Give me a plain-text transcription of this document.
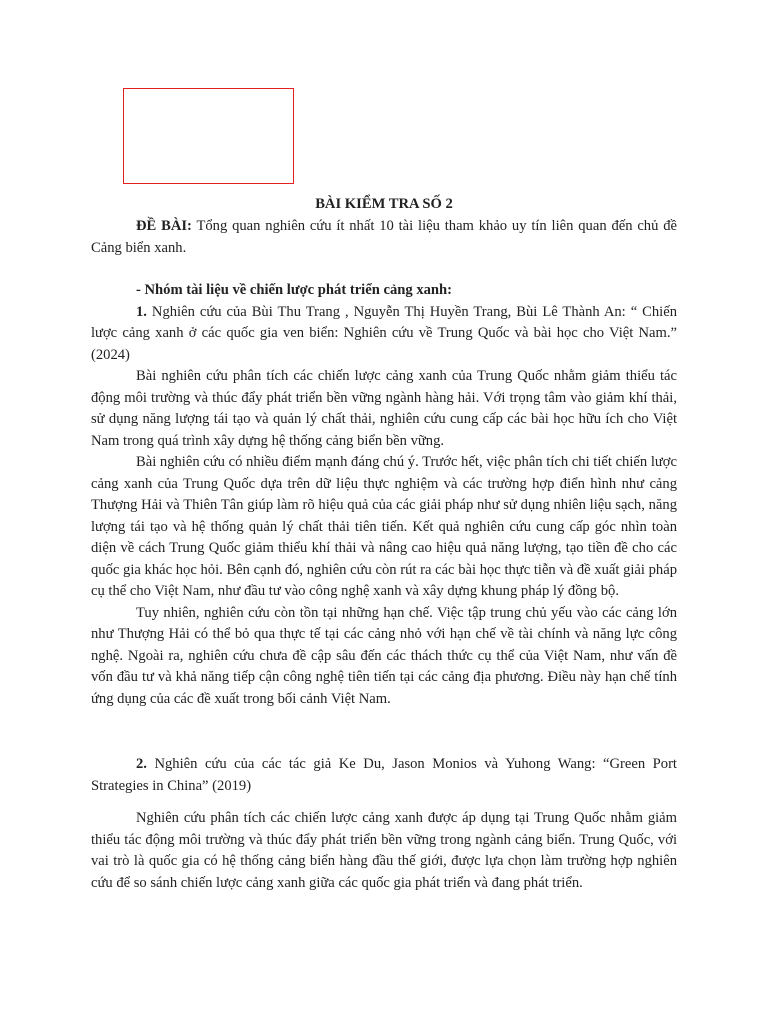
BÀI KIỂM TRA SỐ 2

ĐỀ BÀI: Tổng quan nghiên cứu ít nhất 10 tài liệu tham khảo uy tín liên quan đến chủ đề Cảng biển xanh.

- Nhóm tài liệu về chiến lược phát triển cảng xanh:

1. Nghiên cứu của Bùi Thu Trang , Nguyễn Thị Huyền Trang, Bùi Lê Thành An: “ Chiến lược cảng xanh ở các quốc gia ven biển: Nghiên cứu về Trung Quốc và bài học cho Việt Nam.” (2024)

Bài nghiên cứu phân tích các chiến lược cảng xanh của Trung Quốc nhằm giảm thiểu tác động môi trường và thúc đẩy phát triển bền vững ngành hàng hải. Với trọng tâm vào giảm khí thải, sử dụng năng lượng tái tạo và quản lý chất thải, nghiên cứu cung cấp các bài học hữu ích cho Việt Nam trong quá trình xây dựng hệ thống cảng biển bền vững.

Bài nghiên cứu có nhiều điểm mạnh đáng chú ý. Trước hết, việc phân tích chi tiết chiến lược cảng xanh của Trung Quốc dựa trên dữ liệu thực nghiệm và các trường hợp điển hình như cảng Thượng Hải và Thiên Tân giúp làm rõ hiệu quả của các giải pháp như sử dụng nhiên liệu sạch, năng lượng tái tạo và hệ thống quản lý chất thải tiên tiến. Kết quả nghiên cứu cung cấp góc nhìn toàn diện về cách Trung Quốc giảm thiểu khí thải và nâng cao hiệu quả năng lượng, tạo tiền đề cho các quốc gia khác học hỏi. Bên cạnh đó, nghiên cứu còn rút ra các bài học thực tiễn và đề xuất giải pháp cụ thể cho Việt Nam, như đầu tư vào công nghệ xanh và xây dựng khung pháp lý đồng bộ.

Tuy nhiên, nghiên cứu còn tồn tại những hạn chế. Việc tập trung chủ yếu vào các cảng lớn như Thượng Hải có thể bỏ qua thực tế tại các cảng nhỏ với hạn chế về tài chính và năng lực công nghệ. Ngoài ra, nghiên cứu chưa đề cập sâu đến các thách thức cụ thể của Việt Nam, như vấn đề vốn đầu tư và khả năng tiếp cận công nghệ tiên tiến tại các cảng địa phương. Điều này hạn chế tính ứng dụng của các đề xuất trong bối cảnh Việt Nam.

2. Nghiên cứu của các tác giả Ke Du, Jason Monios và Yuhong Wang: “Green Port Strategies in China” (2019)

Nghiên cứu phân tích các chiến lược cảng xanh được áp dụng tại Trung Quốc nhằm giảm thiểu tác động môi trường và thúc đẩy phát triển bền vững trong ngành cảng biển. Trung Quốc, với vai trò là quốc gia có hệ thống cảng biển hàng đầu thế giới, được lựa chọn làm trường hợp nghiên cứu để so sánh chiến lược cảng xanh giữa các quốc gia phát triển và đang phát triển.
